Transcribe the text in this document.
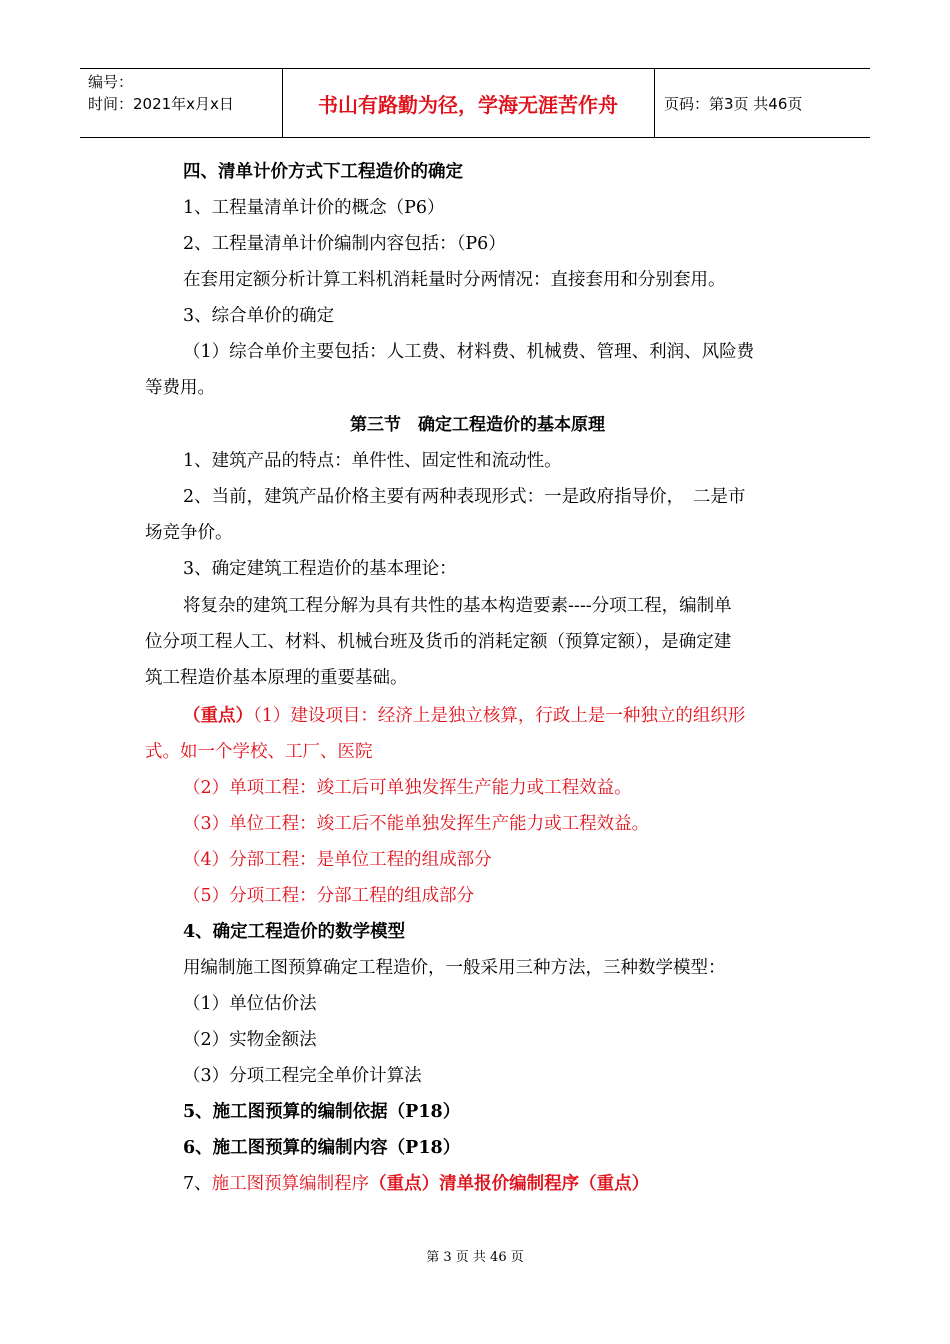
编号：
时间：2021年x月x日	书山有路勤为径，学海无涯苦作舟	页码：第3页 共46页
四、清单计价方式下工程造价的确定
1、工程量清单计价的概念（P6）
2、工程量清单计价编制内容包括：（P6）
在套用定额分析计算工料机消耗量时分两情况：直接套用和分别套用。
3、综合单价的确定
（1）综合单价主要包括：人工费、材料费、机械费、管理、利润、风险费
等费用。
第三节　确定工程造价的基本原理
1、建筑产品的特点：单件性、固定性和流动性。
2、当前，建筑产品价格主要有两种表现形式：一是政府指导价，　二是市
场竞争价。
3、确定建筑工程造价的基本理论：
将复杂的建筑工程分解为具有共性的基本构造要素----分项工程，编制单
位分项工程人工、材料、机械台班及货币的消耗定额（预算定额），是确定建
筑工程造价基本原理的重要基础。
（重点）（1）建设项目：经济上是独立核算，行政上是一种独立的组织形
式。如一个学校、工厂、医院
（2）单项工程：竣工后可单独发挥生产能力或工程效益。
（3）单位工程：竣工后不能单独发挥生产能力或工程效益。
（4）分部工程：是单位工程的组成部分
（5）分项工程：分部工程的组成部分
4、确定工程造价的数学模型
用编制施工图预算确定工程造价，一般采用三种方法，三种数学模型：
（1）单位估价法
（2）实物金额法
（3）分项工程完全单价计算法
5、施工图预算的编制依据（P18）
6、施工图预算的编制内容（P18）
7、施工图预算编制程序（重点）清单报价编制程序（重点）
第 3 页 共 46 页
